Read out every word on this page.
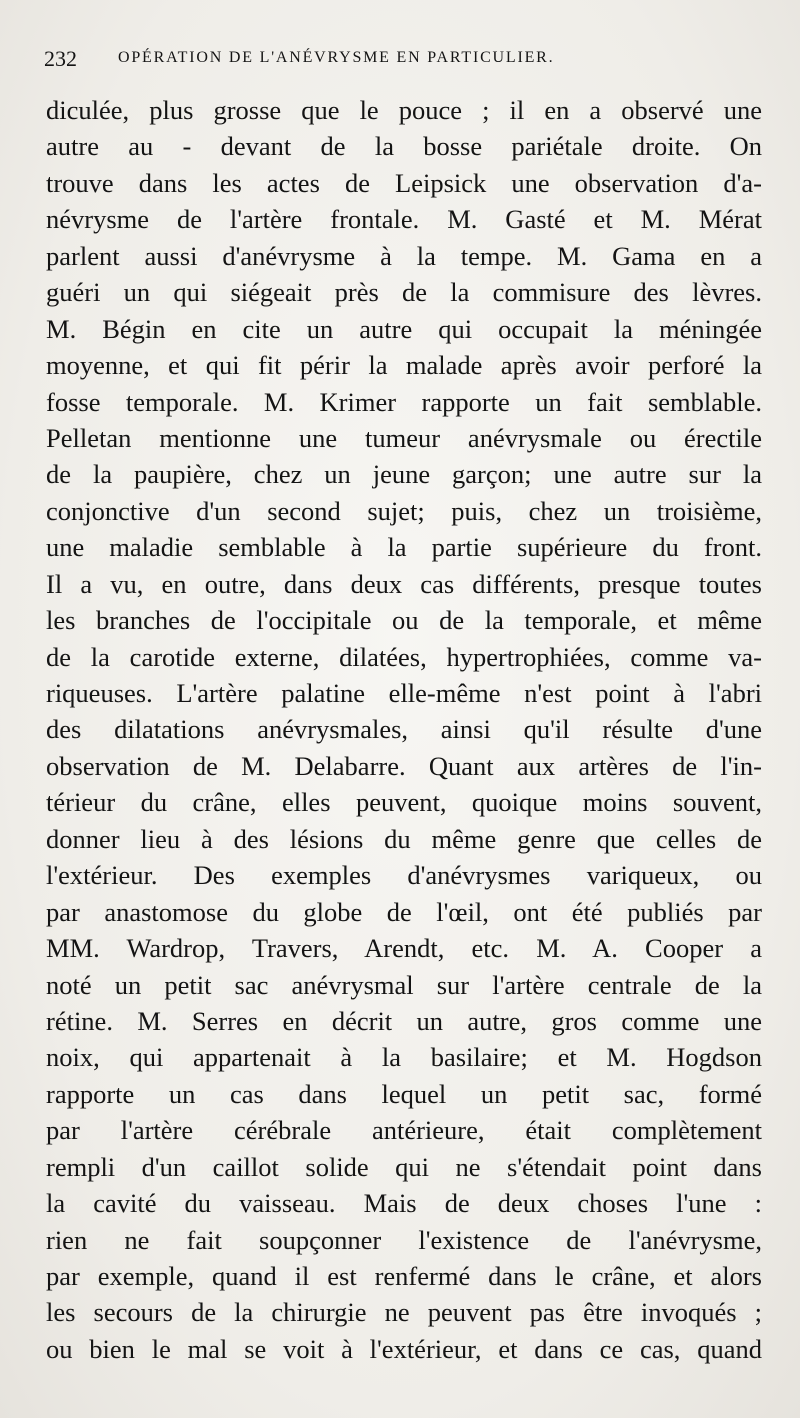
232	OPÉRATION DE L'ANÉVRYSME EN PARTICULIER.
diculée, plus grosse que le pouce ; il en a observé une
autre au - devant de la bosse pariétale droite. On
trouve dans les actes de Leipsick une observation d'a-
névrysme de l'artère frontale. M. Gasté et M. Mérat
parlent aussi d'anévrysme à la tempe. M. Gama en a
guéri un qui siégeait près de la commisure des lèvres.
M. Bégin en cite un autre qui occupait la méningée
moyenne, et qui fit périr la malade après avoir perforé la
fosse temporale. M. Krimer rapporte un fait semblable.
Pelletan mentionne une tumeur anévrysmale ou érectile
de la paupière, chez un jeune garçon; une autre sur la
conjonctive d'un second sujet; puis, chez un troisième,
une maladie semblable à la partie supérieure du front.
Il a vu, en outre, dans deux cas différents, presque toutes
les branches de l'occipitale ou de la temporale, et même
de la carotide externe, dilatées, hypertrophiées, comme va-
riqueuses. L'artère palatine elle-même n'est point à l'abri
des dilatations anévrysmales, ainsi qu'il résulte d'une
observation de M. Delabarre. Quant aux artères de l'in-
térieur du crâne, elles peuvent, quoique moins souvent,
donner lieu à des lésions du même genre que celles de
l'extérieur. Des exemples d'anévrysmes variqueux, ou
par anastomose du globe de l'œil, ont été publiés par
MM. Wardrop, Travers, Arendt, etc. M. A. Cooper a
noté un petit sac anévrysmal sur l'artère centrale de la
rétine. M. Serres en décrit un autre, gros comme une
noix, qui appartenait à la basilaire; et M. Hogdson
rapporte un cas dans lequel un petit sac, formé
par l'artère cérébrale antérieure, était complètement
rempli d'un caillot solide qui ne s'étendait point dans
la cavité du vaisseau. Mais de deux choses l'une :
rien ne fait soupçonner l'existence de l'anévrysme,
par exemple, quand il est renfermé dans le crâne, et alors
les secours de la chirurgie ne peuvent pas être invoqués ;
ou bien le mal se voit à l'extérieur, et dans ce cas, quand
